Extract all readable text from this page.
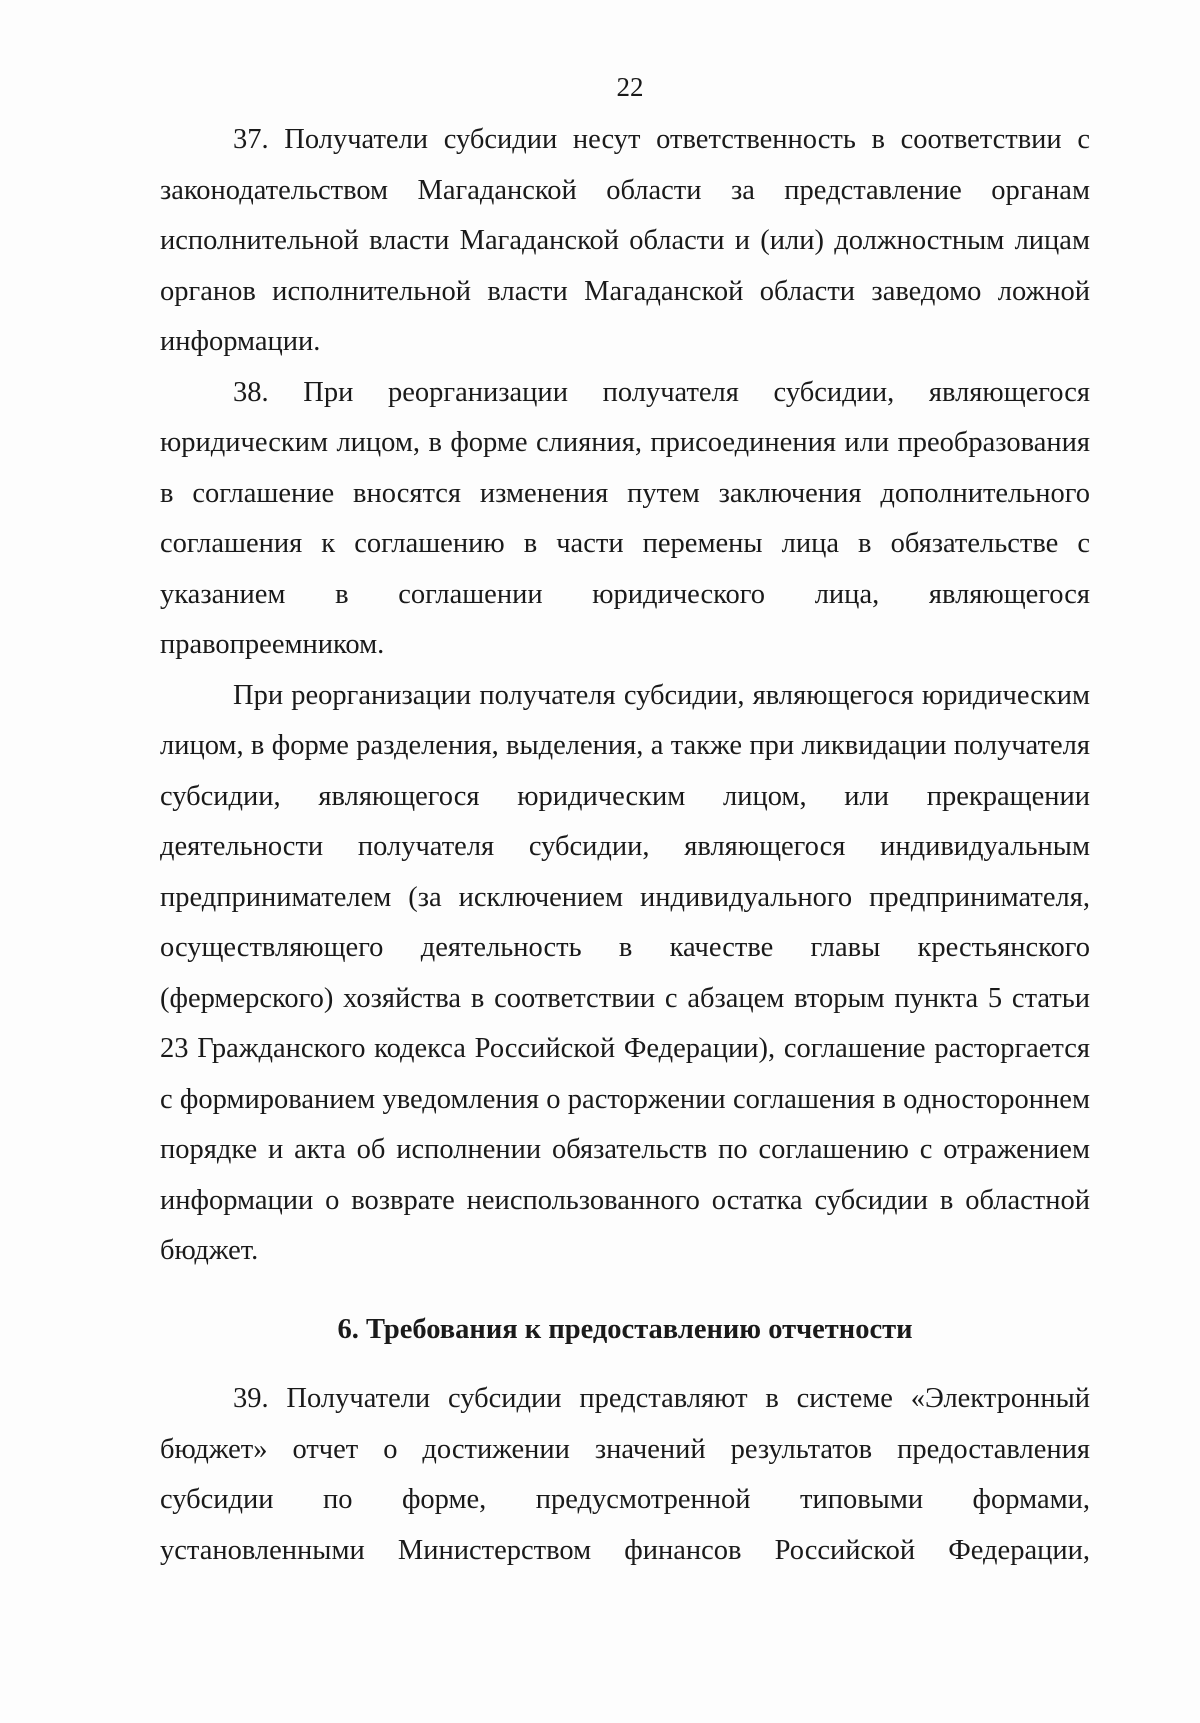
22

37. Получатели субсидии несут ответственность в соответствии с законодательством Магаданской области за представление органам исполнительной власти Магаданской области и (или) должностным лицам органов исполнительной власти Магаданской области заведомо ложной информации.

38. При реорганизации получателя субсидии, являющегося юридическим лицом, в форме слияния, присоединения или преобразования в соглашение вносятся изменения путем заключения дополнительного соглашения к соглашению в части перемены лица в обязательстве с указанием в соглашении юридического лица, являющегося правопреемником.

При реорганизации получателя субсидии, являющегося юридическим лицом, в форме разделения, выделения, а также при ликвидации получателя субсидии, являющегося юридическим лицом, или прекращении деятельности получателя субсидии, являющегося индивидуальным предпринимателем (за исключением индивидуального предпринимателя, осуществляющего деятельность в качестве главы крестьянского (фермерского) хозяйства в соответствии с абзацем вторым пункта 5 статьи 23 Гражданского кодекса Российской Федерации), соглашение расторгается с формированием уведомления о расторжении соглашения в одностороннем порядке и акта об исполнении обязательств по соглашению с отражением информации о возврате неиспользованного остатка субсидии в областной бюджет.

6. Требования к предоставлению отчетности

39. Получатели субсидии представляют в системе «Электронный бюджет» отчет о достижении значений результатов предоставления субсидии по форме, предусмотренной типовыми формами, установленными Министерством финансов Российской Федерации,
